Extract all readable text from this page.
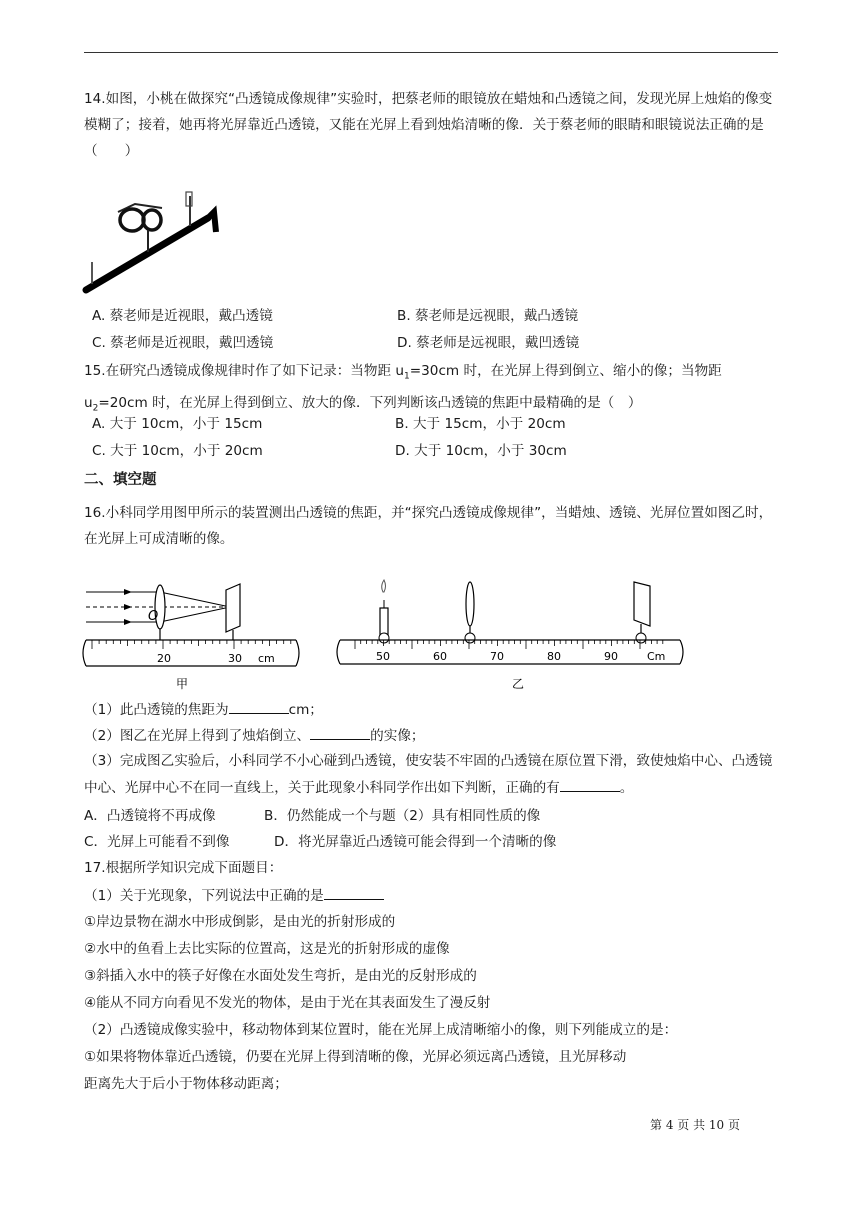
14.如图，小桃在做探究“凸透镜成像规律”实验时，把蔡老师的眼镜放在蜡烛和凸透镜之间，发现光屏上烛焰的像变模糊了；接着，她再将光屏靠近凸透镜，又能在光屏上看到烛焰清晰的像．关于蔡老师的眼睛和眼镜说法正确的是（　　）

A. 蔡老师是近视眼，戴凸透镜	B. 蔡老师是远视眼，戴凸透镜
C. 蔡老师是近视眼，戴凹透镜	D. 蔡老师是远视眼，戴凹透镜

15.在研究凸透镜成像规律时作了如下记录：当物距 $u_1=30cm$ 时，在光屏上得到倒立、缩小的像；当物距 $u_2=20cm$ 时，在光屏上得到倒立、放大的像．下列判断该凸透镜的焦距中最精确的是（　）

A. 大于 10cm，小于 15cm	B. 大于 15cm，小于 20cm
C. 大于 10cm，小于 20cm	D. 大于 10cm，小于 30cm
二、填空题

16.小科同学用图甲所示的装置测出凸透镜的焦距，并“探究凸透镜成像规律”，当蜡烛、透镜、光屏位置如图乙时，在光屏上可成清晰的像。

O
20	30 cm
甲
50	60	70	80	90	Cm
乙
（1）此凸透镜的焦距为	cm；
（2）图乙在光屏上得到了烛焰倒立、	的实像；

（3）完成图乙实验后，小科同学不小心碰到凸透镜，使安装不牢固的凸透镜在原位置下滑，致使烛焰中心、凸透镜中心、光屏中心不在同一直线上，关于此现象小科同学作出如下判断，正确的有	。

A．凸透镜将不再成像	B．仍然能成一个与题（2）具有相同性质的像
C．光屏上可能看不到像	D．将光屏靠近凸透镜可能会得到一个清晰的像
17.根据所学知识完成下面题目：
（1）关于光现象，下列说法中正确的是
①岸边景物在湖水中形成倒影，是由光的折射形成的
②水中的鱼看上去比实际的位置高，这是光的折射形成的虚像
③斜插入水中的筷子好像在水面处发生弯折，是由光的反射形成的
④能从不同方向看见不发光的物体，是由于光在其表面发生了漫反射
（2）凸透镜成像实验中，移动物体到某位置时，能在光屏上成清晰缩小的像，则下列能成立的是：
①如果将物体靠近凸透镜，仍要在光屏上得到清晰的像，光屏必须远离凸透镜，且光屏移动
距离先大于后小于物体移动距离；
第 4 页 共 10 页
